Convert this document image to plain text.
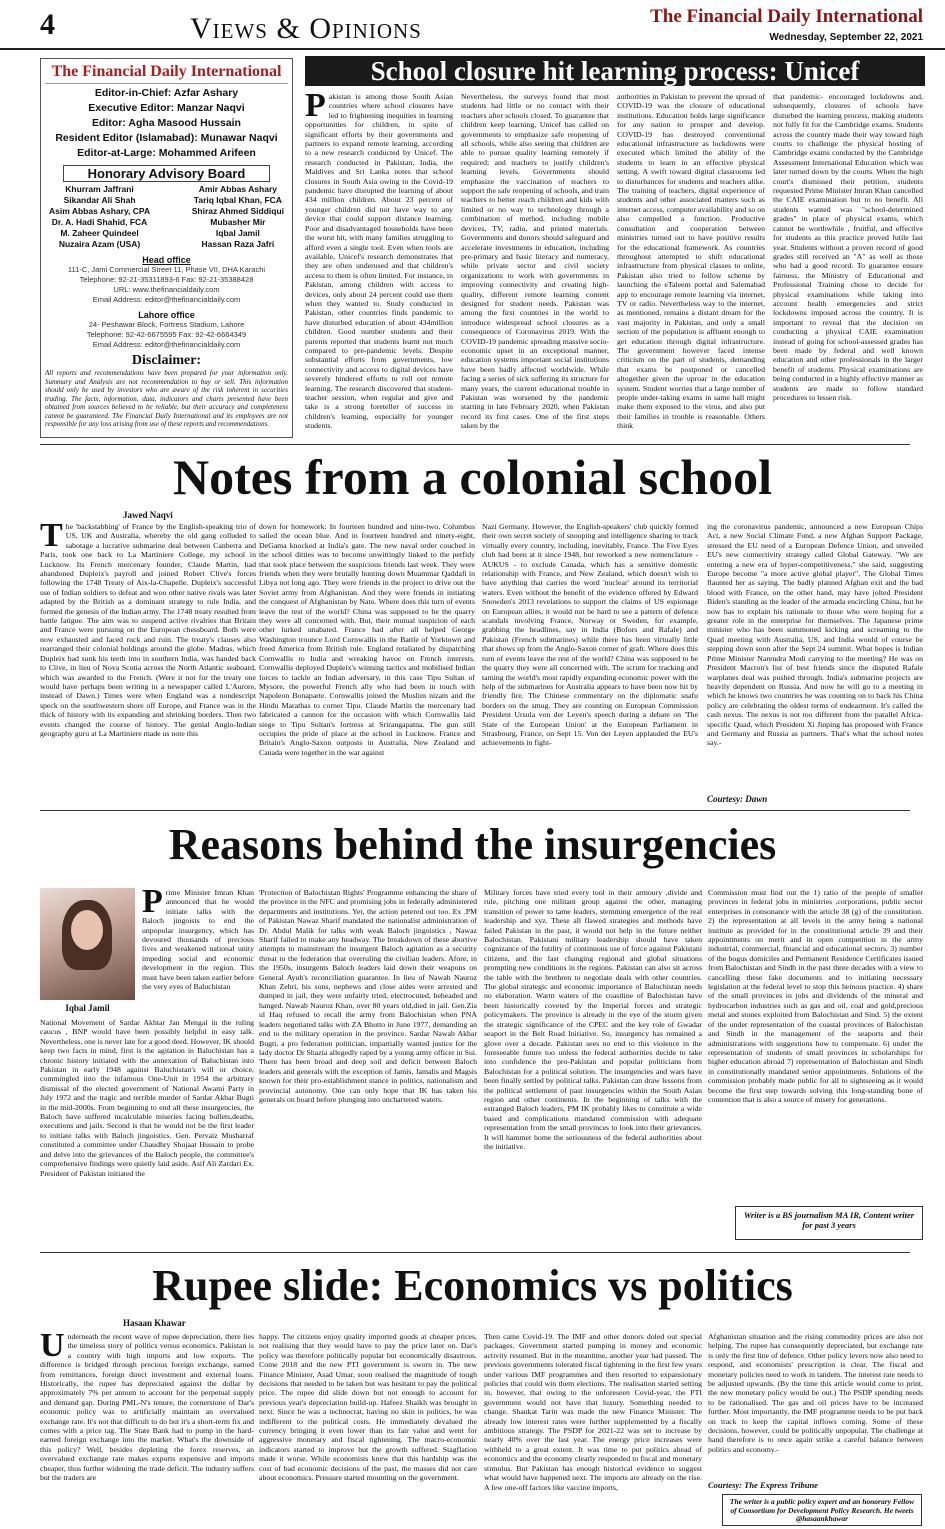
4	Views & Opinions	The Financial Daily International
Wednesday, September 22, 2021
The Financial Daily International
Editor-in-Chief: Azfar Ashary
Executive Editor: Manzar Naqvi
Editor: Agha Masood Hussain
Resident Editor (Islamabad): Munawar Naqvi
Editor-at-Large: Mohammed Arifeen
Honorary Advisory Board
Khurram Jaffrani
Sikandar Ali Shah
Asim Abbas Ashary, CPA
Dr. A. Hadi Shahid, FCA
M. Zaheer Quindeel
Nuzaira Azam (USA)
Amir Abbas Ashary
Tariq Iqbal Khan, FCA
Shiraz Ahmed Siddiqui
Mubasher Mir
Iqbal Jamil
Hassan Raza Jafri
Head office
111-C, Jami Commercial Street 11, Phase VII, DHA Karachi
Telephone: 92-21-35311893-6 Fax: 92-21-35388428
URL: www.thefinancialdaily.com
Email Address: editor@thefinancialdaily.com
Lahore office
24- Peshawar Block, Fortress Stadium, Lahore
Telephone: 92-42-6675595 Fax: 92-42-6664349
Email Address: editor@thefinancialdaily.com
Disclaimer:
All reports and recommendations have been prepared for your information only. Summary and Analysis are not recommendation to buy or sell. This information should only be used by investors who are aware of the risk inherent in securities trading. The facts, information, data, indicators and charts presented have been obtained from sources believed to be reliable, but their accuracy and completeness cannot be guaranteed. The Financial Daily International and its employees are not responsible for any loss arising from use of these reports and recommendations.
School closure hit learning process: Unicef
Pakistan is among those South Asian countries where school closures have led to frightening inequities in learning opportunities for children, in spite of significant efforts by their governments and partners to expand remote learning, according to a new research conducted by Unicef. The research conducted in Pakistan, India, the Maldives and Sri Lanka notes that school closures in South Asia owing to the Covid-19 pandemic have disrupted the learning of about 434 million children. About 23 percent of younger children did not have way to any device that could support distance learning. Poor and disadvantaged households have been the worst hit, with many families struggling to afford even a single tool. Even when tools are available, Unicef's research demonstrates that they are often underused and that children's access to them is often limited. For instance, in Pakistan, among children with access to devices, only about 24 percent could use them when they wanted to. Study conducted in Pakistan, other countries finds pandemic to have disturbed education of about 434million children. Good number students and their parents reported that students learnt not much compared to pre-pandemic levels. Despite substantial efforts from governments, low connectivity and access to digital devices have severely hindered efforts to roll out remote learning. The research discovered that student-teacher session, when regular and give and take is a strong foreteller of success in children's learning, especially for younger students.
Nevertheless, the surveys found that most students had little or no contact with their teachers after schools closed. To guarantee that children keep learning, Unicef has called on governments to emphasize safe reopening of all schools, while also seeing that children are able to pursue quality learning remotely if required; and teachers to justify children's learning levels. Governments should emphasize the vaccination of teachers to support the safe reopening of schools, and train teachers to better reach children and kids with limited or no way to technology through a combination of method, including mobile devices, TV, radio, and printed materials. Governments and donors should safeguard and accelerate investments in education, including pre-primary and basic literacy and numeracy, while private sector and civil society organizations to work with governments in improving connectivity and creating high-quality, different remote learning content designed for student needs. Pakistan was among the first countries in the world to introduce widespread school closures as a consequence of Coronavirus 2019. With the COVID-19 pandemic spreading massive socio-economic upset in an exceptional manner, education systems important social institutions have been badly affected worldwide. While facing a series of sick suffering its structure for many years, the current educational trouble in Pakistan was worsened by the pandemic starting in late February 2020, when Pakistan record its first cases. One of the first steps taken by the
authorities in Pakistan to prevent the spread of COVID-19 was the closure of educational institutions. Education holds large significance for any nation to prosper and develop. COVID-19 has destroyed conventional educational infrastructure as lockdowns were executed which limited the ability of the students to learn in an effective physical setting. A swift toward digital classrooms led to disturbances for students and teachers alike. The training of teachers, digital experience of students and other associated matters such as internet access, computer availability and so on also compelled a function. Productive consultation and cooperation between ministries turned out to have positive results for the educational framework. As countries throughout attempted to shift educational infrastructure from physical classes to online, Pakistan also tried to follow scheme by launching the eTaleem portal and Salemabad app to encourage remote learning via internet, TV or radio. Nevertheless way to the internet, as mentioned, remains a distant dream for the vast majority in Pakistan, and only a small section of the population is affluent enough to get education through digital infrastructure. The government however faced intense criticism on the part of students, demanding that exams be postponed or cancelled altogether given the uproar in the education system. Student worries that a large number of people under-taking exams in same hall might make them exposed to the virus, and also put their families in trouble is reasonable. Others think
that pandemic- encouraged lockdowns and, subsequently, closures of schools have disturbed the learning process, making students not fully fit for the Cambridge exams. Students across the country made their way toward high courts to challenge the physical hosting of Cambridge exams conducted by the Cambridge Assessment International Education which was later turned down by the courts. When the high court's dismissed their petition, students requested Prime Minister Imran Khan cancelled the CAIE examination but to no benefit. All students wanted was "school-determined grades" in place of physical exams, which cannot be worthwhile , fruitful, and effective for students as this practice proved futile last year. Students without a proven record of good grades still received an "A" as well as those who had a good record. To guarantee ensure fairness, the Ministry of Educational and Professional Training chose to decide for physical examinations while taking into account health emergencies and strict lockdowns imposed across the country. It is important to reveal that the decision on conducting a physical CAIE examination instead of going for school-assessed grades has been made by federal and well known education and other professionals in the larger benefit of students. Physical examinations are being conducted in a highly effective manner as students are made to follow standard procedures to lessen risk.
Notes from a colonial school
Jawed Naqvi
The 'backstabbing' of France by the English-speaking trio of US, UK and Australia, whereby the old gang colluded to sabotage a lucrative submarine deal between Canberra and Paris, took one back to La Martiniere College, my school in Lucknow. Its French mercenary founder, Claude Martin, had abandoned Dupleix's payroll and joined Robert Clive's forces following the 1748 Treaty of Aix-la-Chapelle. Dupleix's successful use of Indian soldiers to defeat and woo other native rivals was later adapted by the British as a dominant strategy to rule India, and formed the genesis of the Indian army. The 1748 treaty resulted from battle fatigue. The aim was to suspend active rivalries that Britain and France were pursuing on the European chessboard. Both were now exhausted and faced ruck and ruin. The treaty's clauses also rearranged their colonial holdings around the globe. Madras, which Dupleix had sunk his teeth into in southern India, was handed back to Clive, in lieu of Nova Scotia across the North Atlantic seaboard, which was awarded to the French. (Were it not for the treaty one would have perhaps been writing in a newspaper called L'Aurore, instead of Dawn.) Times were when England was a nondescript speck on the southwestern shore off Europe, and France was in the thick of history with its expanding and shrinking borders. Then two events changed the course of history. The genial Anglo-Indian geography guru at La Martiniere made us note this
down for homework: In fourteen hundred and nine-two, Columbus sailed the ocean blue. And in fourteen hundred and ninety-eight, DeGama knocked at India's gate. The new naval order couched in the school ditties was to become unwittingly linked to the perfidy that took place between the suspicious friends last week. They were friends when they were brutally hunting down Muammar Qaddafi in Libya not long ago. They were friends in the project to drive out the Soviet army from Afghanistan. And they were friends in initiating the conquest of Afghanistan by Nato. Where does this turn of events leave the rest of the world? China was supposed to be the quarry they were all concerned with. But, their mutual suspicion of each other lurked unabated. France had after all helped George Washington trounce Lord Cornwallis in the Battle of Yorktown and freed America from British rule. England retaliated by dispatching Cornwallis to India and wreaking havoc on French interests. Cornwallis deployed Dupleix's winning tactics and mobilised Indian forces to tackle an Indian adversary, in this case Tipu Sultan of Mysore, the powerful French ally who had been in touch with Napoleon Bonaparte. Cornwallis joined the Muslim nizam and the Hindu Marathas to corner Tipu. Claude Martin the mercenary had fabricated a cannon for the occasion with which Cornwallis laid siege to Tipu Sultan's fortress at Srirangapatna. The gun still occupies the pride of place at the school in Lucknow. France and Britain's Anglo-Saxon outposts in Australia, New Zealand and Canada were together in the war against
Nazi Germany. However, the English-speakers' club quickly formed their own secret society of snooping and intelligence sharing to track virtually every country, including, inevitably, France. The Five Eyes club had been at it since 1948, but reworked a new nomenclature - AUKUS - to exclude Canada, which has a sensitive domestic relationship with France, and New Zealand, which doesn't wish to have anything that carries the word 'nuclear' around its territorial waters. Even without the benefit of the evidence offered by Edward Snowden's 2013 revelations to support the claims of US espionage on European allies, it would not be hard to see a pattern of defence scandals involving France, Norway or Sweden, for example, grabbing the headlines, say in India (Bofors and Rafale) and Pakistan (French submarines) while there has been virtually little that shows up from the Anglo-Saxon corner of graft. Where does this turn of events leave the rest of the world? China was supposed to be the quarry they were all concerned with. The scrum for tracking and taming the world's most rapidly expanding economic power with the help of the submarines for Australia appears to have been now hit by friendly fire. The Chinese commentary on the diplomatic snafu borders on the smug. They are counting on European Commission President Ursula von der Leyen's speech during a debate on 'The State of the European Union' at the European Parliament in Strasbourg, France, on Sept 15. Von der Leyen applauded the EU's achievements in fight-
ing the coronavirus pandemic, announced a new European Chips Act, a new Social Climate Fund, a new Afghan Support Package, stressed the EU need of a European Defence Union, and unveiled EU's new connectivity strategy called Global Gateway. "We are entering a new era of hyper-competitiveness," she said, suggesting Europe become "a more active global player", The Global Times flaunted her as saying. The badly planned Afghan exit and the bad blood with France, on the other hand, may have jolted President Biden's standing as the leader of the armada encircling China, but he now has to explain his rationale to those who were hoping for a greater role in the enterprise for themselves. The Japanese prime minister who has been summoned kicking and screaming to the Quad meeting with Australia, US, and India would of course be stepping down soon after the Sept 24 summit. What hopes is Indian Prime Minister Narendra Modi carrying to the meeting? He was on President Macron's list of best friends since the disputed Rafale warplanes deal was pushed through. India's submarine projects are heavily dependent on Russia. And now he will go to a meeting in which he knows two countries he was counting on to back his China policy are celebrating the oldest terms of endearment. It's called the cash nexus. The nexus is not too different from the parallel Africa-specific Quad, which President Xi Jinping has proposed with France and Germany and Russia as partners. That's what the school notes say.-
Courtesy: Dawn
Reasons behind the insurgencies
Iqbal Jamil
Prime Minister Imran Khan announced that he would initiate talks with the Baloch jingoists to end the unpopular insurgency, which has devoured thousands of precious lives and weakened national unity impeding social and economic development in the region. This must have been taken earlier before the very eyes of Baluchistan
National Movement of Sardar Akhtar Jan Mengal in the ruling caucus , BNP would have been possibly helpful in easy talk. Nevertheless, one is never late for a good deed. However, IK should keep two facts in mind, first is the agitation in Baluchistan has a chronic history initiated with the annexation of Baluchistan into Pakistan in early 1948 against Baluchistan's will or choice, commingled into the infamous One-Unit in 1954 the arbitrary dismissal of the elected government of National Awami Party in July 1972 and the tragic and terrible murder of Sardar Akbar Bugti in the mid-2000s. From beginning to end all these insurgencies, the Baloch have suffered incalculable miseries facing bullets,deaths, executions and jails. Second is that he would not be the first leader to initiate talks with Baloch jingoistics. Gen. Pervaiz Musharraf constituted a committee under Chaudhry Shujaat Hussain to probe and delve into the grievances of the Baloch people, the committee's comprehensive findings were quietly laid aside. Asif Ali Zardari Ex. President of Pakistan initiated the
'Protection of Balochistan Rights' Programme enhancing the share of the province in the NFC and promising jobs in federally administered departments and institutions. Yet, the action petered out too. Ex .PM of Pakistan Nawaz Sharif mandated the nationalist administration of Dr. Abdul Malik for talks with weak Baloch jingoistics , Nawaz Sharif failed to make any headway. The breakdown of these abortive attempts to mainstream the insurgent Baloch agitation as a security threat to the federation that overruling the civilian leaders. Afore, in the 1950s, insurgents Baloch leaders laid down their weapons on General Ayub's reconciliation guarantee. In lieu of Nawab Nauroz Khan Zehri, his sons, nephews and close aides were arrested and dumped in jail, they were unfairly tried, electrocuted, beheaded and hanged. Nawab Nauroz Khan, over 80 years old,died in jail. Gen.Zia ul Haq refused to recall the army from Balochistan when PNA leaders negotiated talks with ZA Bhutto in June 1977, demanding an end to the military operation in the province. Sardar Nawab Akbar Bugti, a pro federation politician, impartially wanted justice for the lady doctor Dr Shazia allegedly raped by a young army officer in Sui. There has been broad and deep soil and deficit between Baloch leaders and generals with the exception of Jamis, Jamalis and Magsis known for their pro-establishment stance in politics, nationalism and provincial autonomy. One can only hope that IK has taken his generals on board before plunging into unchartered waters.
Military forces have tried every tool in their armoury ,divide and rule, pitching one militant group against the other, managing transition of power to tame leaders, stemming emergence of the real leadership and xyz. These all flawed strategies and methods have failed Pakistan in the past, it would not help in the future neither Balochistan. Pakistani military leadership should have taken cognizance of the futility of continuous use of force against Pakistani citizens, and the fast changing regional and global situations prompting new conditions in the regions. Pakistan can also sit across the table with the brethren to negotiate deals with other countries. The global strategic and economic importance of Balochistan needs no elaboration. Warm waters of the coastline of Balochistan have been historically coveted by the Imperial forces and strategic policymakers. The province is already in the eye of the storm given the strategic significance of the CPEC and the key role of Gwadar seaport in the Belt Road Initiative. So, insurgency has remained a glove over a decade. Pakistan sees no end to this violence in the foreseeable future too unless the federal authorities decide to take into confidence the pro-Pakistan and popular politicians from Balochistan for a political solution. The insurgencies and wars have been finally settled by political talks. Pakistan can draw lessons from the political settlement of past insurgencies within the South Asian region and other continents. In the beginning of talks with the estranged Baloch leaders, PM IK probably likes to constitute a wide based and complications mandated commission with adequate representation from the small provinces to look into their grievances. It will hammer home the seriousness of the federal authorities about the initiative.
Commission must find out the 1) ratio of the people of smaller provinces in federal jobs in ministries ,corporations, public sector enterprises in consonance with the article 38 (g) of the constitution. 2) the representation at all levels in the army being a national institute as provided for in the constitutional article 39 and their appointments on merit and in open competition in the army industrial, commercial, financial and educational sectors. 3) number of the bogus domiciles and Permanent Residence Certificates issued from Balochistan and Sindh in the past three decades with a view to cancelling these fake documents and to initiating necessary legislation at the federal level to stop this heinous practice. 4) share of the small provinces in jobs and dividends of the mineral and hydrocarbon industries such as gas and oil, coal and gold,precious metal and stones exploited from Balochistan and Sind. 5) the extent of the under representation of the coastal provinces of Balochistan and Sindh in the management of the seaports and their administrations with suggestions how to compensate. 6) under the representation of students of small provinces in scholarships for higher education abroad 7) representation of Balochistan and Sindh in constitutionally mandated senior appointments. Solutions of the commission probably made public for all to sightseeing as it would become the first step towards solving this long-standing bone of contention that is also a source of misery for generations.
Writer is a BS journalism MA IR, Content writer for past 3 years
Rupee slide: Economics vs politics
Hasaan Khawar
Underneath the recent wave of rupee depreciation, there lies the timeless story of politics versus economics. Pakistan is a country with high imports and low exports. The difference is bridged through precious foreign exchange, earned from remittances, foreign direct investment and external loans. Historically, the rupee has depreciated against the dollar by approximately 7% per annum to account for the perpetual supply and demand gap. During PML-N's tenure, the cornerstone of Dar's economic policy was to artificially maintain an overvalued exchange rate. It's not that difficult to do but it's a short-term fix and comes with a price tag. The State Bank had to pump in the hard-earned foreign exchange into the market. What's the downside of this policy? Well, besides depleting the forex reserves, an overvalued exchange rate makes exports expensive and imports cheaper, thus further widening the trade deficit. The industry suffers but the traders are
happy. The citizens enjoy quality imported goods at cheaper prices, not realising that they would have to pay the price later on. Dar's policy was therefore politically popular but economically disastrous. Come 2018 and the new PTI government is sworn in. The new Finance Minister, Asad Umar, soon realised the magnitude of tough decisions that needed to be taken but was hesitant to pay the political price. The rupee did slide down but not enough to account for previous year's depreciation build-up. Hafeez Shaikh was brought in next. Since he was a technocrat, having no skin in politics, he was indifferent to the political costs. He immediately devalued the currency bringing it even lower than its fair value and went for aggressive monetary and fiscal tightening. The macro-economic indicators started to improve but the growth suffered. Stagflation made it worse. While economists knew that this hardship was the cost of bad economic decisions of the past, the masses did not care about economics. Pressure started mounting on the government.
Then came Covid-19. The IMF and other donors doled out special packages. Government started pumping in money and economic activity resumed. But in the meantime, another year had passed. The previous governments tolerated fiscal tightening in the first few years under various IMF programmes and then resorted to expansionary policies that could win them elections. The realisation started setting in, however, that owing to the unforeseen Covid-year, the PTI government would not have that luxury. Something needed to change. Shaukat Tarin was made the new Finance Minister. The already low interest rates were further supplemented by a fiscally ambitious strategy. The PSDP for 2021-22 was set to increase by nearly 40% over the last year. The energy price increases were withheld to a great extent. It was time to put politics ahead of economics and the economy clearly responded to fiscal and monetary stimulus. But Pakistan has enough historical evidence to suggest what would have happened next. The imports are already on the rise. A few one-off factors like vaccine imports,
Afghanistan situation and the rising commodity prices are also not helping. The rupee has consequently depreciated, but exchange rate is only the first line of defence. Other policy levers now also need to respond, and economists' prescription is clear. The fiscal and monetary policies need to work in tandem. The interest rate needs to be adjusted upwards. (By the time this article would come to print, the new monetary policy would be out.) The PSDP spending needs to be rationalised. The gas and oil prices have to be increased further. Most importantly, the IMF programme needs to be put back on track to keep the capital inflows coming. Some of these decisions, however, could be politically unpopular. The challenge at hand therefore is to once again strike a careful balance between politics and economy.-
Courtesy: The Express Tribune
The writer is a public policy expert and an honorary Fellow of Consortium for Development Policy Research. He tweets @hasaankhawar
